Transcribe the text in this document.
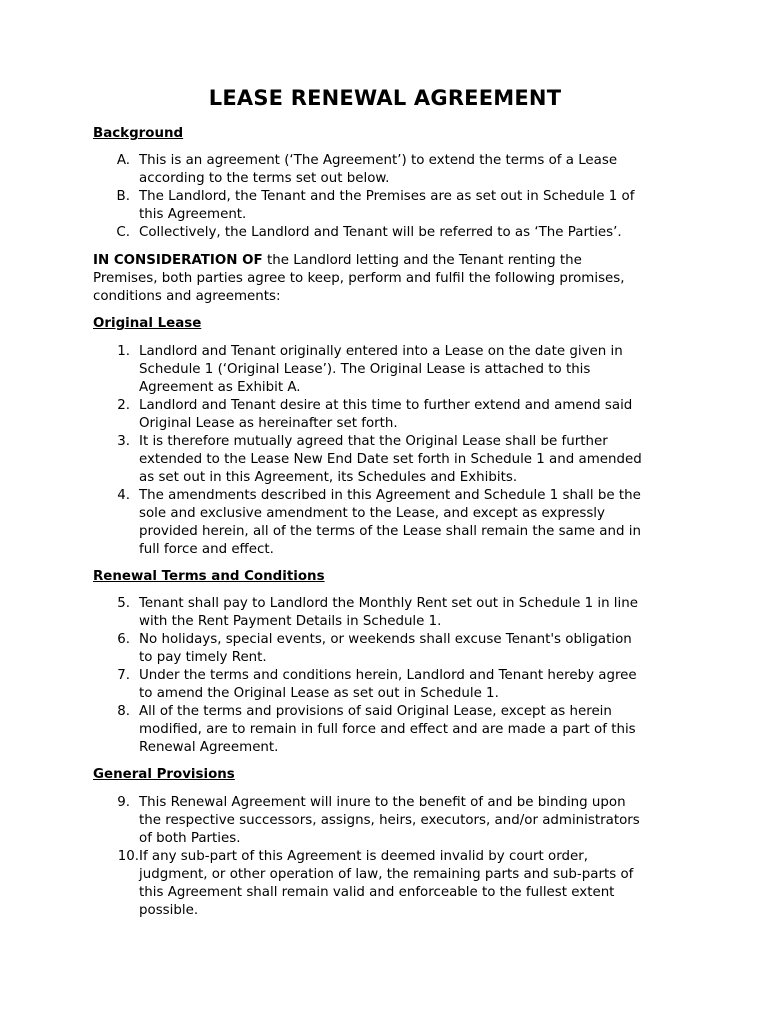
LEASE RENEWAL AGREEMENT

Background

A. This is an agreement (‘The Agreement’) to extend the terms of a Lease
according to the terms set out below.
B. The Landlord, the Tenant and the Premises are as set out in Schedule 1 of
this Agreement.
C. Collectively, the Landlord and Tenant will be referred to as ‘The Parties’.
IN CONSIDERATION OF the Landlord letting and the Tenant renting the
Premises, both parties agree to keep, perform and fulfil the following promises,
conditions and agreements:

Original Lease

1. Landlord and Tenant originally entered into a Lease on the date given in
Schedule 1 (‘Original Lease’). The Original Lease is attached to this
Agreement as Exhibit A.
2. Landlord and Tenant desire at this time to further extend and amend said
Original Lease as hereinafter set forth.
3. It is therefore mutually agreed that the Original Lease shall be further
extended to the Lease New End Date set forth in Schedule 1 and amended
as set out in this Agreement, its Schedules and Exhibits.
4. The amendments described in this Agreement and Schedule 1 shall be the
sole and exclusive amendment to the Lease, and except as expressly
provided herein, all of the terms of the Lease shall remain the same and in
full force and effect.

Renewal Terms and Conditions

5. Tenant shall pay to Landlord the Monthly Rent set out in Schedule 1 in line
with the Rent Payment Details in Schedule 1.
6. No holidays, special events, or weekends shall excuse Tenant's obligation
to pay timely Rent.
7. Under the terms and conditions herein, Landlord and Tenant hereby agree
to amend the Original Lease as set out in Schedule 1.
8. All of the terms and provisions of said Original Lease, except as herein
modified, are to remain in full force and effect and are made a part of this
Renewal Agreement.

General Provisions

9. This Renewal Agreement will inure to the benefit of and be binding upon
the respective successors, assigns, heirs, executors, and/or administrators
of both Parties.
10. If any sub-part of this Agreement is deemed invalid by court order,
judgment, or other operation of law, the remaining parts and sub-parts of
this Agreement shall remain valid and enforceable to the fullest extent
possible.
